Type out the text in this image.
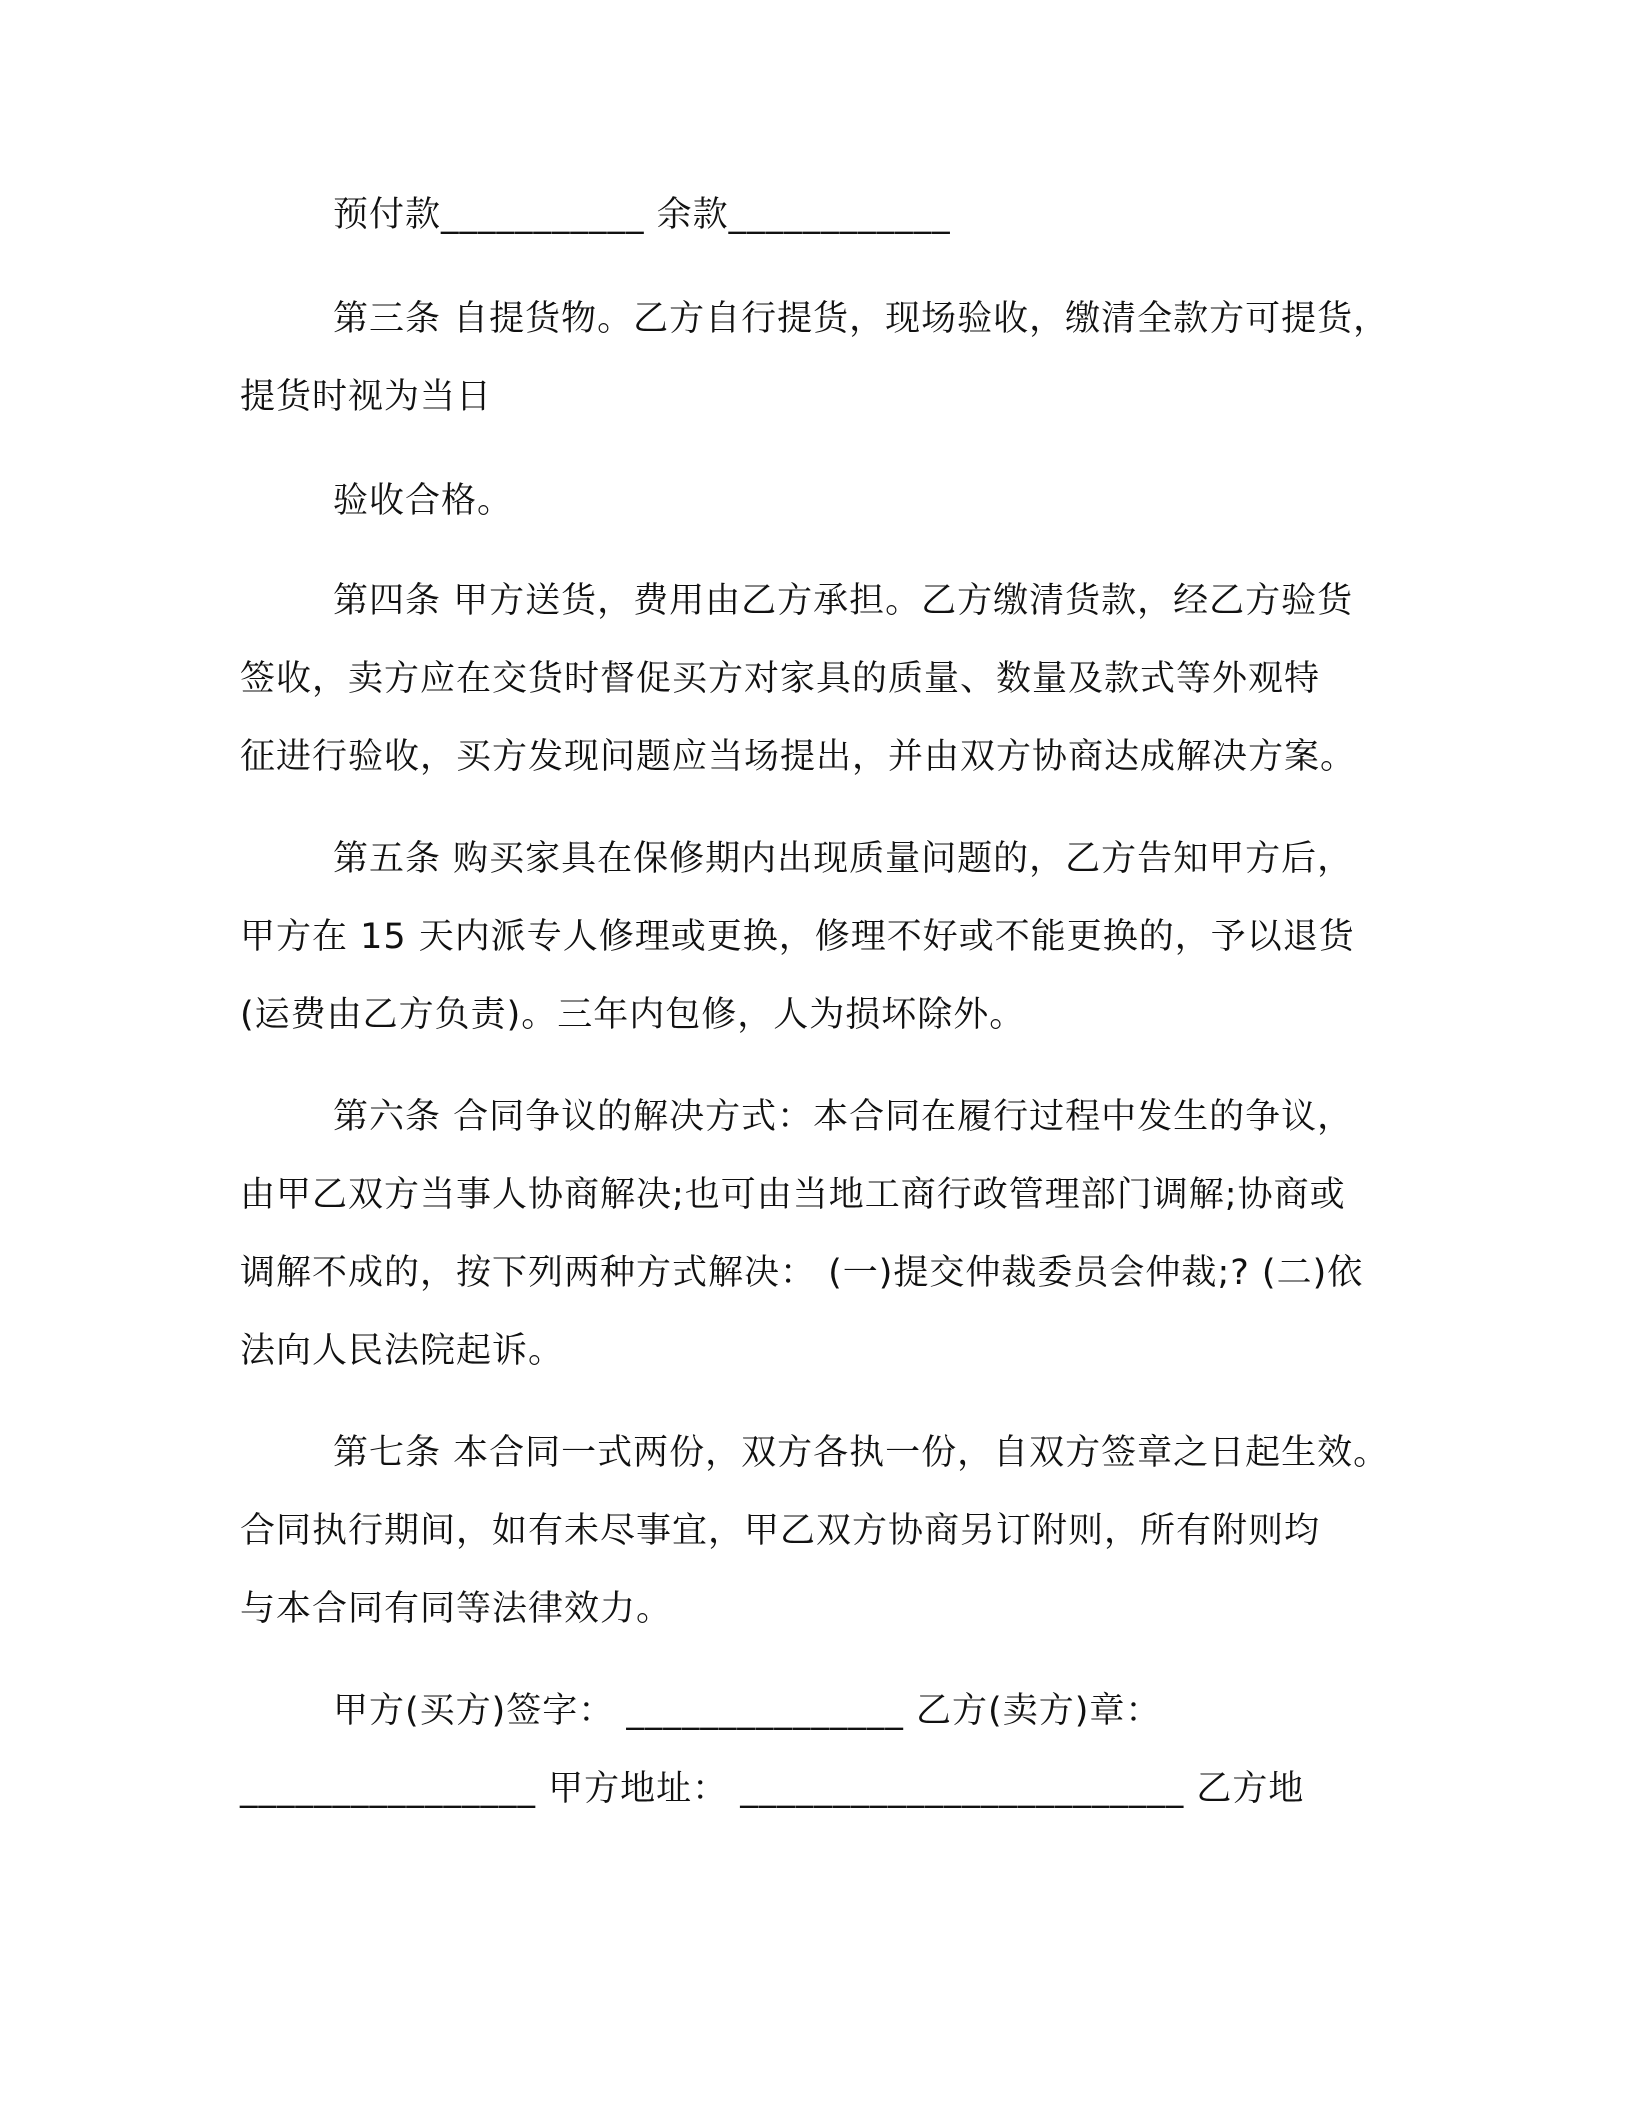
预付款___________ 余款____________
第三条 自提货物。乙方自行提货，现场验收，缴清全款方可提货，
提货时视为当日
验收合格。
第四条 甲方送货，费用由乙方承担。乙方缴清货款，经乙方验货
签收，卖方应在交货时督促买方对家具的质量、数量及款式等外观特
征进行验收，买方发现问题应当场提出，并由双方协商达成解决方案。
第五条 购买家具在保修期内出现质量问题的，乙方告知甲方后，
甲方在 15 天内派专人修理或更换，修理不好或不能更换的，予以退货
(运费由乙方负责)。三年内包修，人为损坏除外。
第六条 合同争议的解决方式：本合同在履行过程中发生的争议，
由甲乙双方当事人协商解决;也可由当地工商行政管理部门调解;协商或
调解不成的，按下列两种方式解决： (一)提交仲裁委员会仲裁;? (二)依
法向人民法院起诉。
第七条 本合同一式两份，双方各执一份，自双方签章之日起生效。
合同执行期间，如有未尽事宜，甲乙双方协商另订附则，所有附则均
与本合同有同等法律效力。
甲方(买方)签字： _______________ 乙方(卖方)章：
________________ 甲方地址： ________________________ 乙方地
